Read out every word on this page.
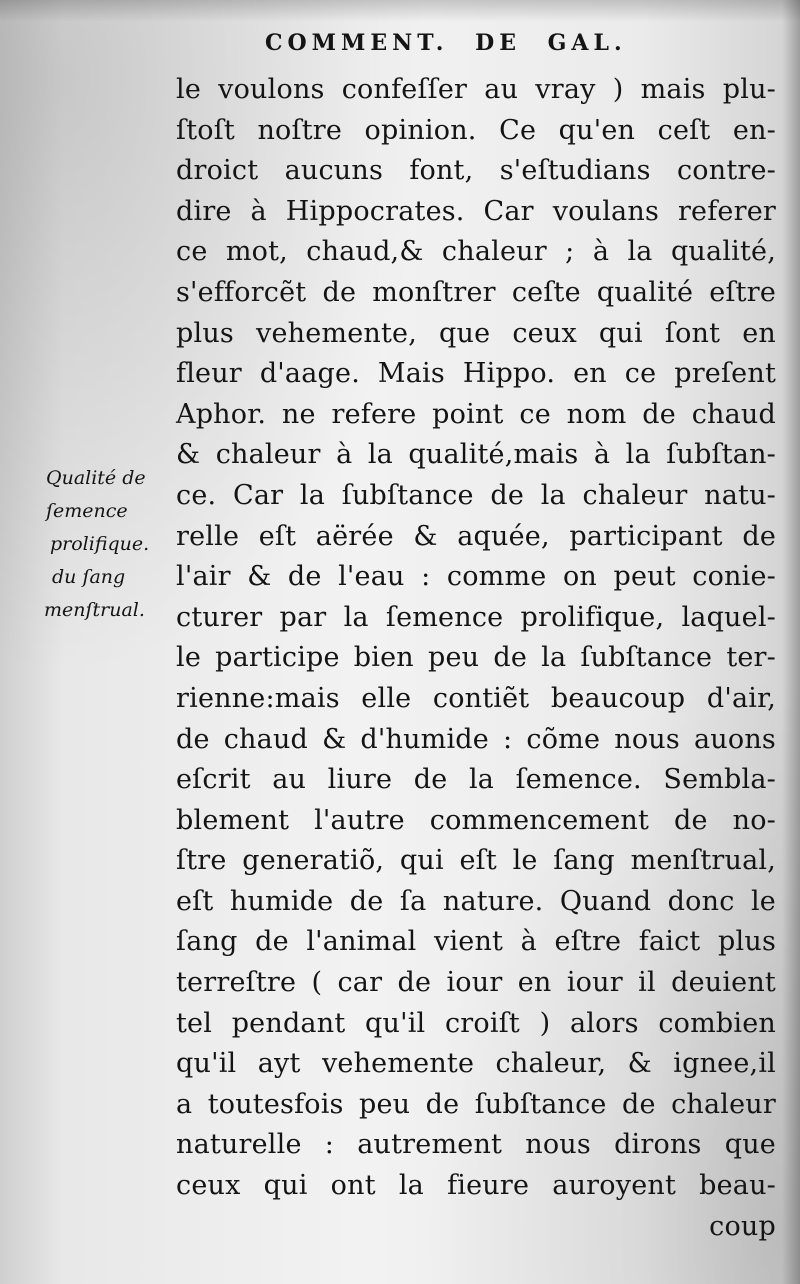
COMMENT. DE GAL.
Qualité de
ſemence
prolifique.
du ſang
menſtrual.
le voulons confeſſer au vray ) mais plu-
ſtoſt noſtre opinion. Ce qu'en ceſt en-
droict aucuns font, s'eſtudians contre-
dire à Hippocrates. Car voulans referer
ce mot, chaud,& chaleur ; à la qualité,
s'efforcẽt de monſtrer ceſte qualité eſtre
plus vehemente, que ceux qui ſont en
fleur d'aage. Mais Hippo. en ce preſent
Aphor. ne refere point ce nom de chaud
& chaleur à la qualité,mais à la ſubſtan-
ce. Car la ſubſtance de la chaleur natu-
relle eſt aërée & aquée, participant de
l'air & de l'eau : comme on peut conie-
cturer par la ſemence prolifique, laquel-
le participe bien peu de la ſubſtance ter-
rienne:mais elle contiẽt beaucoup d'air,
de chaud & d'humide : cõme nous auons
eſcrit au liure de la ſemence. Sembla-
blement l'autre commencement de no-
ſtre generatiõ, qui eſt le ſang menſtrual,
eſt humide de ſa nature. Quand donc le
ſang de l'animal vient à eſtre faict plus
terreſtre ( car de iour en iour il deuient
tel pendant qu'il croiſt ) alors combien
qu'il ayt vehemente chaleur, & ignee,il
a toutesfois peu de ſubſtance de chaleur
naturelle : autrement nous dirons que
ceux qui ont la fieure auroyent beau-
coup
